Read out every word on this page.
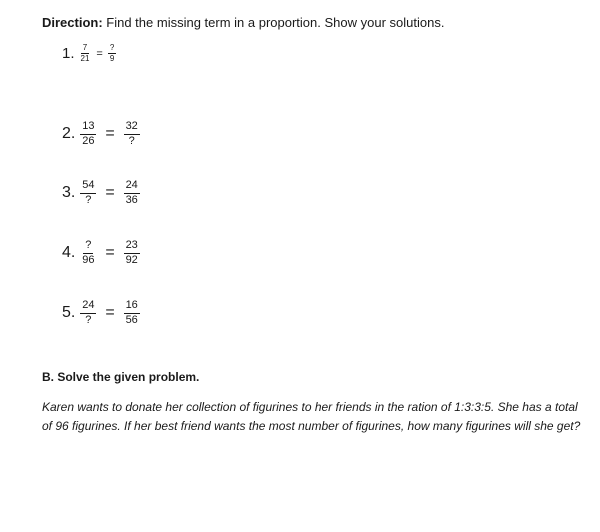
Direction: Find the missing term in a proportion. Show your solutions.
1. $\frac{7}{21} = \frac{?}{9}$
2. $\frac{13}{26} = \frac{32}{?}$
3. $\frac{54}{?} = \frac{24}{36}$
4. $\frac{?}{96} = \frac{23}{92}$
5. $\frac{24}{?} = \frac{16}{56}$
B. Solve the given problem.
Karen wants to donate her collection of figurines to her friends in the ration of 1:3:3:5. She has a total of 96 figurines. If her best friend wants the most number of figurines, how many figurines will she get?
